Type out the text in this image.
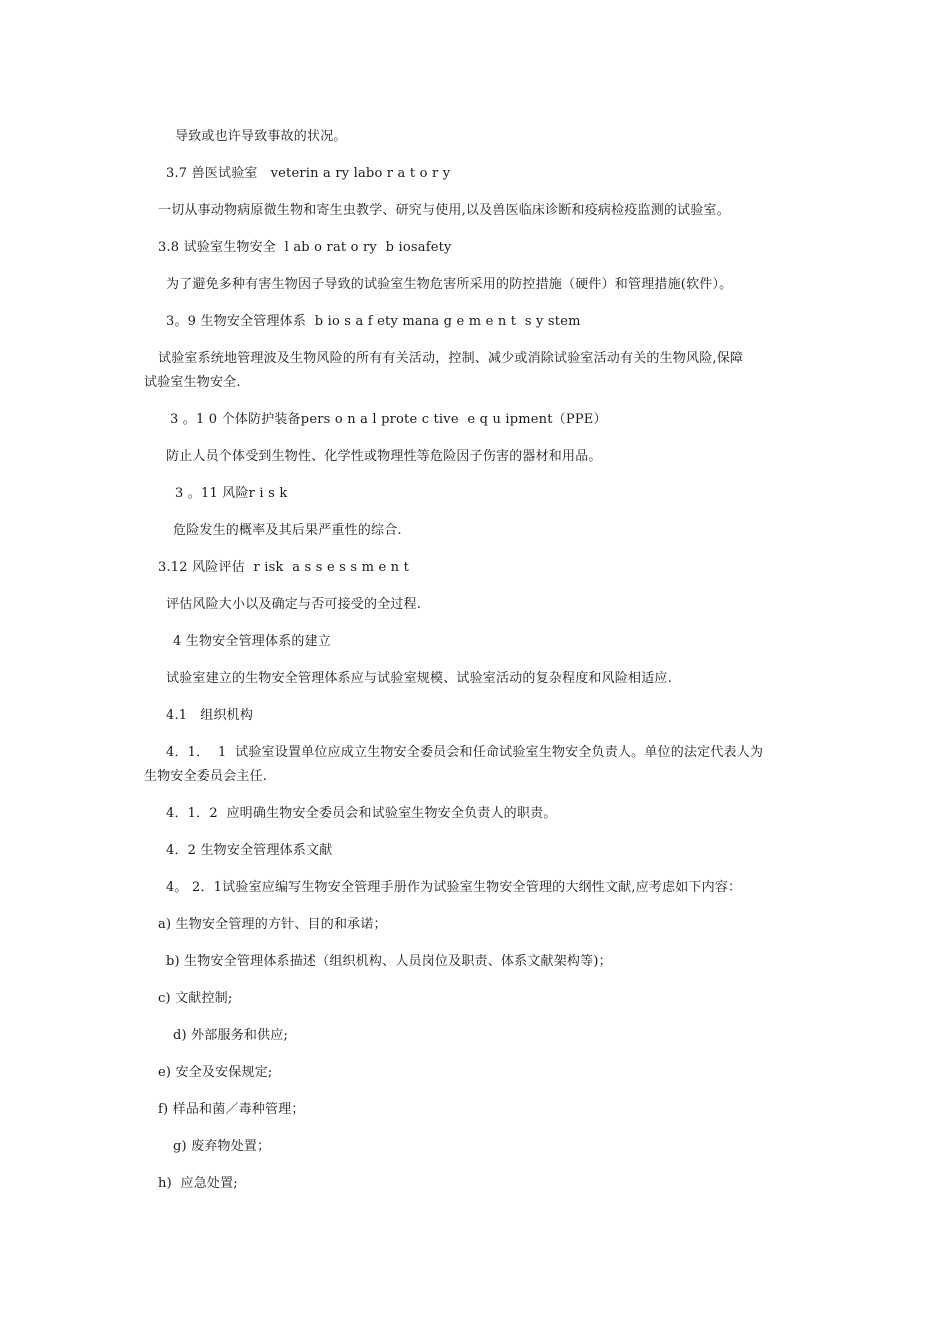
导致或也许导致事故的状况。
3.7 兽医试验室   veterin a ry labo r a t o r y
一切从事动物病原微生物和寄生虫教学、研究与使用,以及兽医临床诊断和疫病检疫监测的试验室。
3.8 试验室生物安全  l ab o rat o ry  b iosafety
为了避免多种有害生物因子导致的试验室生物危害所采用的防控措施（硬件）和管理措施(软件）。
3。9 生物安全管理体系  b io s a f ety mana g e m e n t  s y stem
试验室系统地管理波及生物风险的所有有关活动，控制、减少或消除试验室活动有关的生物风险,保障
试验室生物安全.
3 。1 0 个体防护装备pers o n a l prote c tive  e q u ipment（PPE）
防止人员个体受到生物性、化学性或物理性等危险因子伤害的器材和用品。
3 。11 风险r i s k
危险发生的概率及其后果严重性的综合.
3.12 风险评估  r isk  a s s e s s m e n t
评估风险大小以及确定与否可接受的全过程.
4 生物安全管理体系的建立
试验室建立的生物安全管理体系应与试验室规模、试验室活动的复杂程度和风险相适应.
4.1   组织机构
4．1．  1  试验室设置单位应成立生物安全委员会和任命试验室生物安全负责人。单位的法定代表人为
生物安全委员会主任.
4．1．2  应明确生物安全委员会和试验室生物安全负责人的职责。
4．2 生物安全管理体系文献
4。 2．1试验室应编写生物安全管理手册作为试验室生物安全管理的大纲性文献,应考虑如下内容：
a) 生物安全管理的方针、目的和承诺；
b) 生物安全管理体系描述（组织机构、人员岗位及职责、体系文献架构等)；
c) 文献控制;
d) 外部服务和供应;
e) 安全及安保规定;
f) 样品和菌／毒种管理；
g) 废弃物处置；
h)  应急处置;
